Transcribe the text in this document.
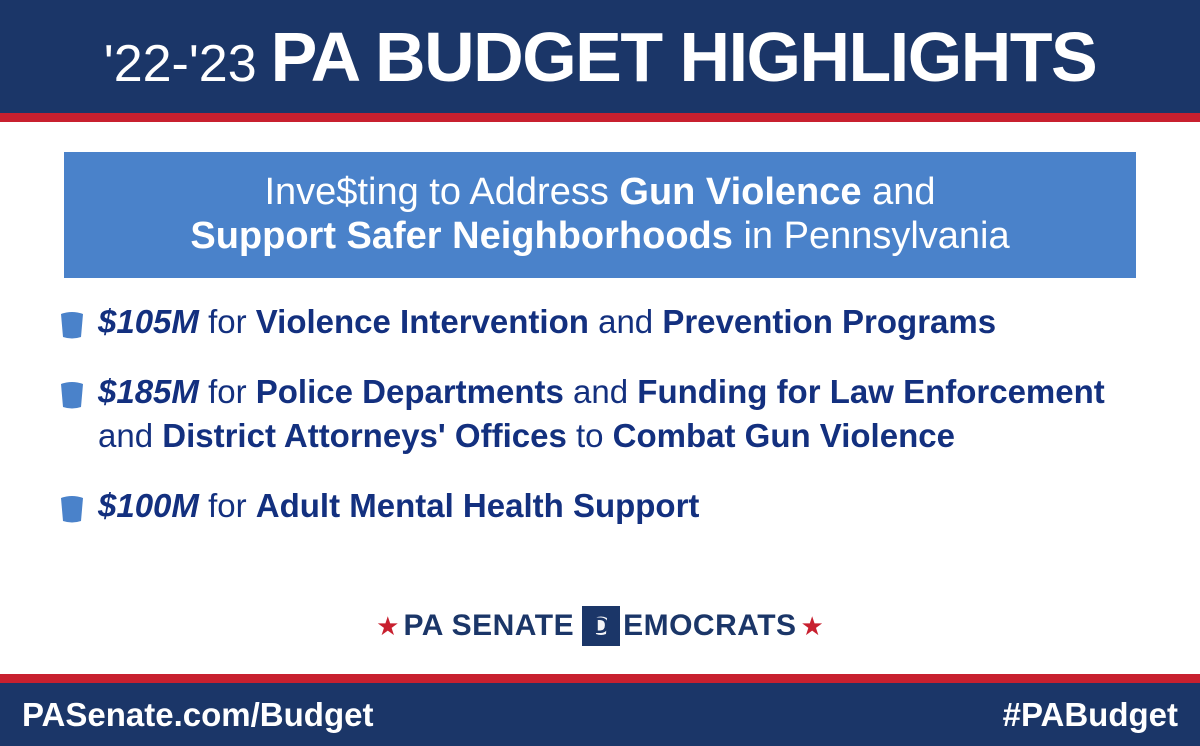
'22-'23 PA BUDGET HIGHLIGHTS
Inve$ting to Address Gun Violence and
Support Safer Neighborhoods in Pennsylvania
$105M for Violence Intervention and Prevention Programs
$185M for Police Departments and Funding for Law Enforcement and District Attorneys' Offices to Combat Gun Violence
$100M for Adult Mental Health Support
★ PA SENATE D EMOCRATS ★
PASenate.com/Budget	#PABudget
